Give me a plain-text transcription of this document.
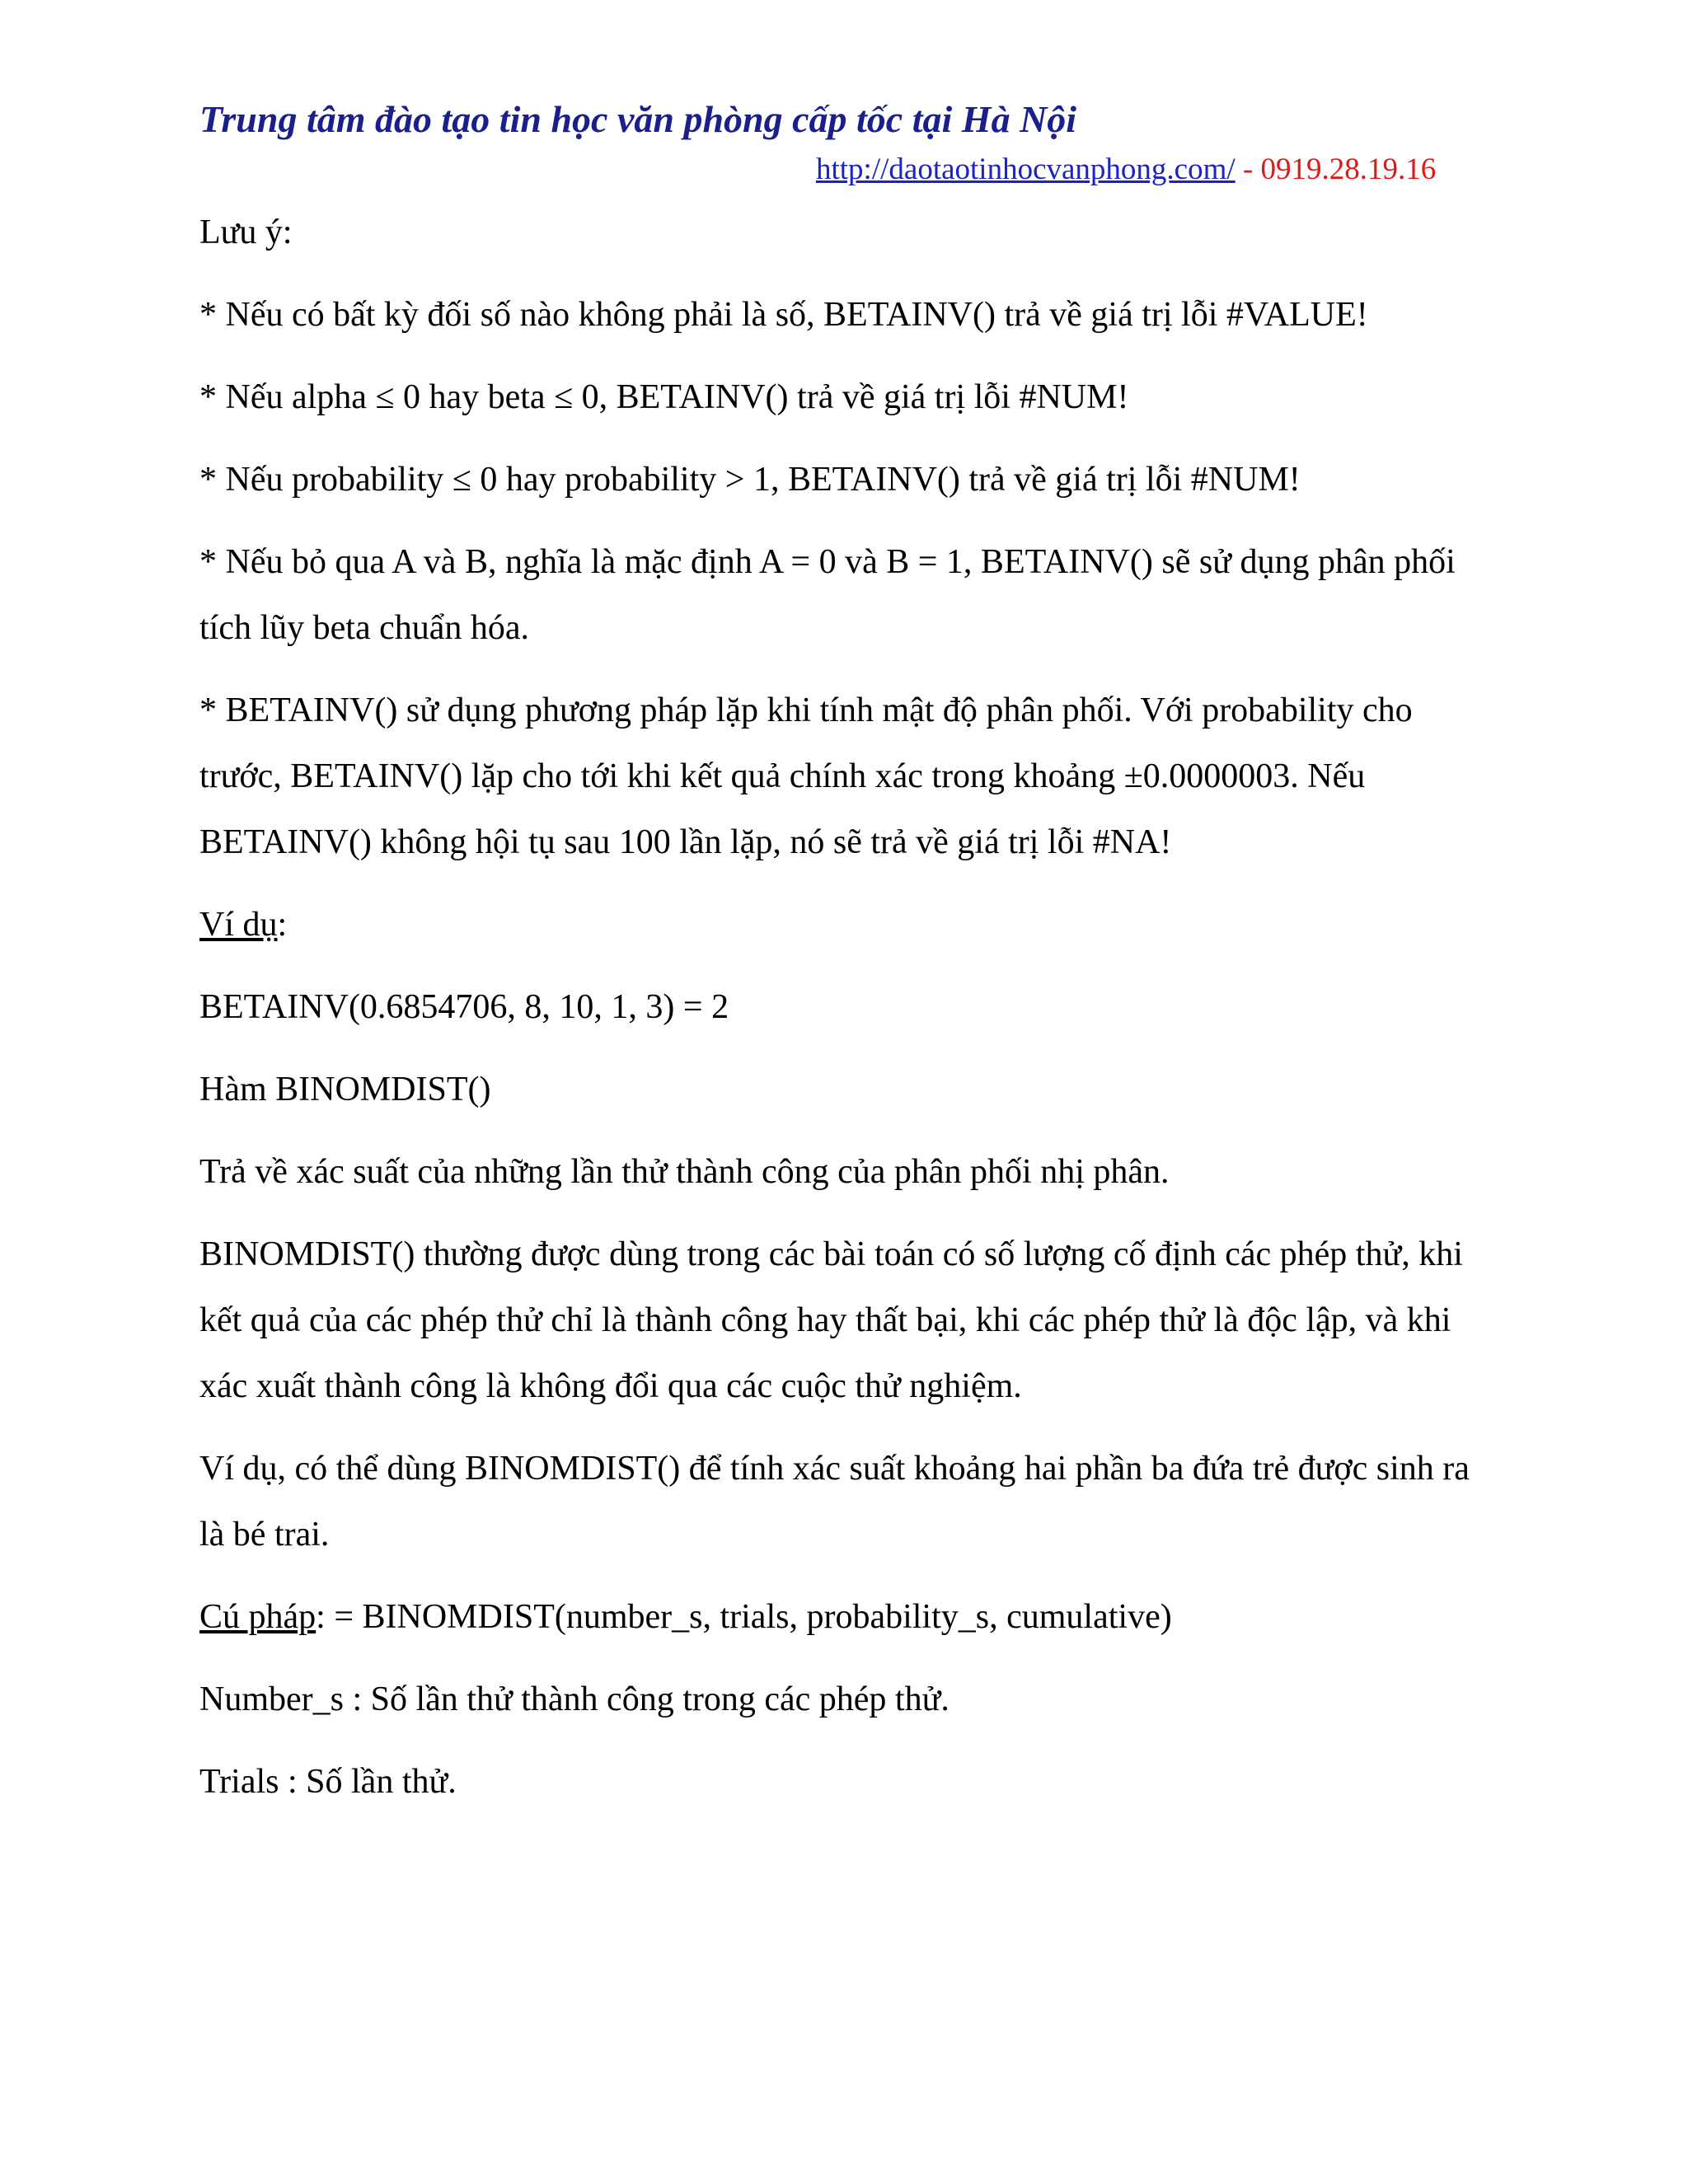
Trung tâm đào tạo tin học văn phòng cấp tốc tại Hà Nội
http://daotaotinhocvanphong.com/ - 0919.28.19.16

Lưu ý:

* Nếu có bất kỳ đối số nào không phải là số, BETAINV() trả về giá trị lỗi #VALUE!

* Nếu alpha ≤ 0 hay beta ≤ 0, BETAINV() trả về giá trị lỗi #NUM!

* Nếu probability ≤ 0 hay probability > 1, BETAINV() trả về giá trị lỗi #NUM!

* Nếu bỏ qua A và B, nghĩa là mặc định A = 0 và B = 1, BETAINV() sẽ sử dụng phân phối tích lũy beta chuẩn hóa.

* BETAINV() sử dụng phương pháp lặp khi tính mật độ phân phối. Với probability cho trước, BETAINV() lặp cho tới khi kết quả chính xác trong khoảng ±0.0000003. Nếu BETAINV() không hội tụ sau 100 lần lặp, nó sẽ trả về giá trị lỗi #NA!

Ví dụ:

BETAINV(0.6854706, 8, 10, 1, 3) = 2

Hàm BINOMDIST()

Trả về xác suất của những lần thử thành công của phân phối nhị phân.

BINOMDIST() thường được dùng trong các bài toán có số lượng cố định các phép thử, khi kết quả của các phép thử chỉ là thành công hay thất bại, khi các phép thử là độc lập, và khi xác xuất thành công là không đổi qua các cuộc thử nghiệm.

Ví dụ, có thể dùng BINOMDIST() để tính xác suất khoảng hai phần ba đứa trẻ được sinh ra là bé trai.

Cú pháp: = BINOMDIST(number_s, trials, probability_s, cumulative)

Number_s : Số lần thử thành công trong các phép thử.

Trials : Số lần thử.
